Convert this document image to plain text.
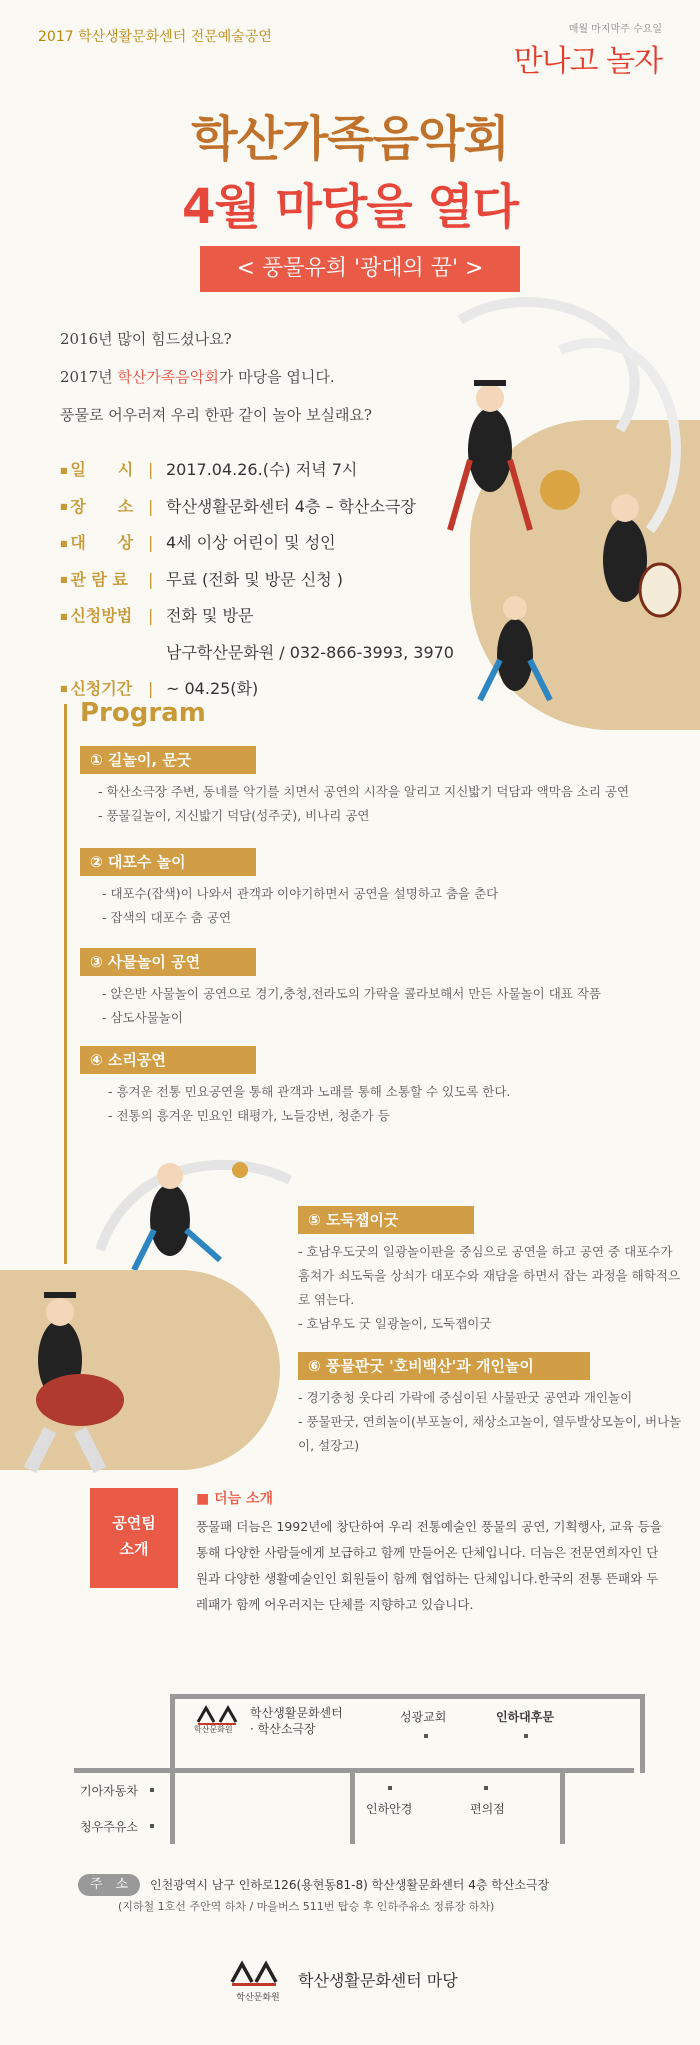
2017 학산생활문화센터 전문예술공연	매월 마지막주 수요일
만나고 놀자
학산가족음악회
4월 마당을 열다
< 풍물유희 '광대의 꿈' >
2016년 많이 힘드셨나요?
2017년 학산가족음악회가 마당을 엽니다.
풍물로 어우러져 우리 한판 같이 놀아 보실래요?
■ 일　　시 | 2017.04.26.(수) 저녁 7시
■ 장　　소 | 학산생활문화센터 4층 – 학산소극장
■ 대　　상 | 4세 이상 어린이 및 성인
■ 관 람 료	| 무료 (전화 및 방문 신청 )
■ 신청방법 | 전화 및 방문
남구학산문화원 / 032-866-3993, 3970
■ 신청기간 | ~ 04.25(화)
Program
① 길놀이, 문굿
- 학산소극장 주변, 동네를 악기를 치면서 공연의 시작을 알리고 지신밟기 덕담과 액막음 소리 공연
- 풍물길놀이, 지신밟기 덕담(성주굿), 비나리 공연
② 대포수 놀이
- 대포수(잡색)이 나와서 관객과 이야기하면서 공연을 설명하고 춤을 춘다
- 잡색의 대포수 춤 공연
③ 사물놀이 공연
- 앉은반 사물놀이 공연으로 경기,충청,전라도의 가락을 콜라보해서 만든 사물놀이 대표 작품
- 삼도사물놀이
④ 소리공연
- 흥겨운 전통 민요공연을 통해 관객과 노래를 통해 소통할 수 있도록 한다.
- 전통의 흥겨운 민요인 태평가, 노들강변, 청춘가 등
⑤ 도둑잽이굿
- 호남우도굿의 일광놀이판을 중심으로 공연을 하고 공연 중 대포수가 훔쳐가 쇠도둑을 상쇠가 대포수와 재담을 하면서 잡는 과정을 해학적으로 엮는다.
- 호남우도 굿 일광놀이, 도둑잽이굿
⑥ 풍물판굿 '호비백산'과 개인놀이
- 경기충청 웃다리 가락에 중심이된 사물판굿 공연과 개인놀이
- 풍물판굿, 연희놀이(부포놀이, 채상소고놀이, 열두발상모놀이, 버나놀이, 설장고)
공연팀
소개
■ 더늠 소개
풍물패 더늠은 1992년에 창단하여 우리 전통예술인 풍물의 공연, 기획행사, 교육 등을 통해 다양한 사람들에게 보급하고 함께 만들어온 단체입니다. 더늠은 전문연희자인 단원과 다양한 생활예술인인 회원들이 함께 협업하는 단체입니다.한국의 전통 뜬패와 두레패가 함께 어우러지는 단체를 지향하고 있습니다.
학산문화원
학산생활문화센터
· 학산소극장
성광교회	인하대후문
기아자동차
청우주유소
인하안경	편의점
주　소	인천광역시 남구 인하로126(용현동81-8) 학산생활문화센터 4층 학산소극장
(지하철 1호선 주안역 하차 / 마을버스 511번 탑승 후 인하주유소 정류장 하차)
학산문화원
학산생활문화센터 마당
